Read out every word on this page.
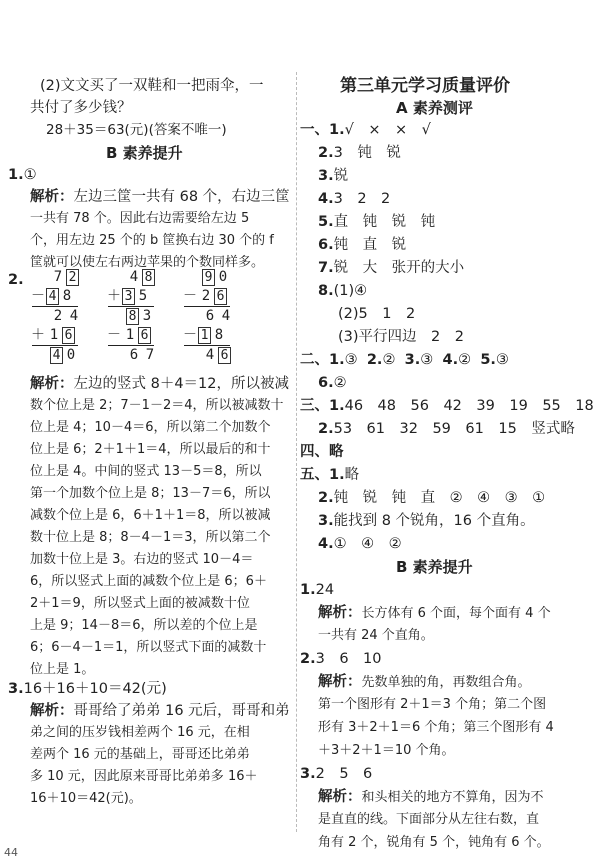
(2)文文买了一双鞋和一把雨伞，一
共付了多少钱？
28＋35＝63(元)(答案不唯一)
B 素养提升
1.①
解析：左边三筐一共有 68 个，右边三筐
一共有 78 个。因此右边需要给左边 5
个，用左边 25 个的 b 筐换右边 30 个的 f
筐就可以使左右两边苹果的个数同样多。
2. 7 2
－ 4 8
2 4
＋ 1 6
4 0
4 8
＋ 3 5
8 3
－ 1 6
6 7
9 0
－ 2 6
6 4
－ 1 8
4 6
解析：左边的竖式 8＋4＝12，所以被减
数个位上是 2；7－1－2＝4，所以被减数十
位上是 4；10－4＝6，所以第二个加数个
位上是 6；2＋1＋1＝4，所以最后的和十
位上是 4。中间的竖式 13－5＝8，所以
第一个加数个位上是 8；13－7＝6，所以
减数个位上是 6，6＋1＋1＝8，所以被减
数十位上是 8；8－4－1＝3，所以第二个
加数十位上是 3。右边的竖式 10－4＝
6，所以竖式上面的减数个位上是 6；6＋
2＋1＝9，所以竖式上面的被减数十位
上是 9；14－8＝6，所以差的个位上是
6；6－4－1＝1，所以竖式下面的减数十
位上是 1。
3.16＋16＋10＝42(元)
解析：哥哥给了弟弟 16 元后，哥哥和弟
弟之间的压岁钱相差两个 16 元，在相
差两个 16 元的基础上，哥哥还比弟弟
多 10 元，因此原来哥哥比弟弟多 16＋
16＋10＝42(元)。
第三单元学习质量评价
A 素养测评
一、1.√　×　×　√
2.3　钝　锐
3.锐
4.3　2　2
5.直　钝　锐　钝
6.钝　直　锐
7.锐　大　张开的大小
8.(1)④
(2)5　1　2
(3)平行四边　2　2
二、1.③ 2.② 3.③ 4.② 5.③
6.②
三、1.46　48　56　42　39　19　55　18
2.53　61　32　59　61　15　竖式略
四、略
五、1.略
2.钝　锐　钝　直　②　④　③　①
3.能找到 8 个锐角，16 个直角。
4.①　④　②
B 素养提升
1.24
解析：长方体有 6 个面，每个面有 4 个
一共有 24 个直角。
2.3　6　10
解析：先数单独的角，再数组合角。
第一个图形有 2＋1＝3 个角；第二个图
形有 3＋2＋1＝6 个角；第三个图形有 4
＋3＋2＋1＝10 个角。
3.2　5　6
解析：和头相关的地方不算角，因为不
是直直的线。下面部分从左往右数，直
角有 2 个，锐角有 5 个，钝角有 6 个。
44
